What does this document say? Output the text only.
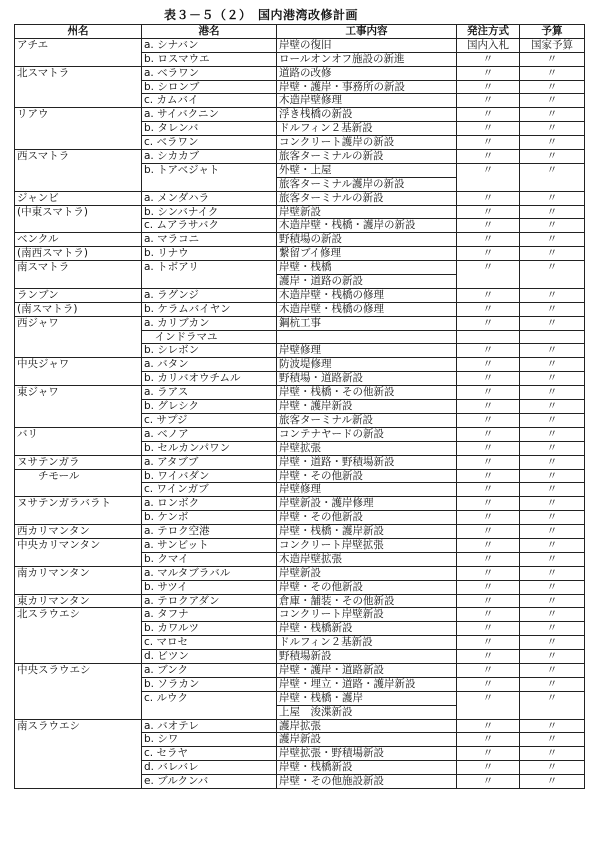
表３－５（２）　国内港湾改修計画
州名	港名	工事内容	発注方式	予算
アチエ	a. シナバン	岸壁の復旧	国内入札	国家予算
	b. ロスマウエ	ロールオンオフ施設の新進	〃	〃
北スマトラ	a. ベラワン	道路の改修	〃	〃
	b. シロンブ	岸壁・護岸・事務所の新設	〃	〃
	c. カムバイ	木造岸壁修理	〃	〃
リアウ	a. サイバクニン	浮き桟橋の新設	〃	〃
	b. タレンバ	ドルフィン２基新設	〃	〃
	c. ベラワン	コンクリート護岸の新設	〃	〃
西スマトラ	a. シカカブ	旅客ターミナルの新設	〃	〃
	b. トアベジャト	外壁・上屋	〃	〃
		旅客ターミナル護岸の新設		
ジャンビ	a. メンダハラ	旅客ターミナルの新設	〃	〃
(中東スマトラ)	b. シンバナイク	岸壁新設	〃	〃
	c. ムアラサバク	木造岸壁・桟橋・護岸の新設	〃	〃
ベンクル	a. マラコニ	野積場の新設	〃	〃
(南西スマトラ)	b. リナウ	繋留ブイ修理	〃	〃
南スマトラ	a. トボアリ	岸壁・桟橋	〃	〃
		護岸・道路の新設		
ランブン	a. ラグンジ	木造岸壁・桟橋の修理	〃	〃
(南スマトラ)	b. ケラムバイヤン	木造岸壁・桟橋の修理	〃	〃
西ジャワ	a. カリブカン	鋼杭工事	〃	〃
	　インドラマユ			
	b. シレボン	岸壁修理	〃	〃
中央ジャワ	a. バタン	防波堤修理	〃	〃
	b. カリバオウチムル	野積場・道路新設	〃	〃
東ジャワ	a. ラアス	岸壁・桟橋・その他新設	〃	〃
	b. グレシク	岸壁・護岸新設	〃	〃
	c. サプジ	旅客ターミナル新設	〃	〃
バリ	a. ベノア	コンテナヤードの新設	〃	〃
	b. セルカンパワン	岸壁拡張	〃	〃
ヌサテンガラ	a. アタブブ	岸壁・道路・野積場新設	〃	〃
　　チモール	b. ワイバダン	岸壁・その他新設	〃	〃
	c. ワインガブ	岸壁修理	〃	〃
ヌサテンガラバラト	a. ロンボク	岸壁新設・護岸修理	〃	〃
	b. ケンボ	岸壁・その他新設	〃	〃
西カリマンタン	a. テロク空港	岸壁・桟橋・護岸新設	〃	〃
中央カリマンタン	a. サンビット	コンクリート岸壁拡張	〃	〃
	b. クマイ	木造岸壁拡張	〃	〃
南カリマンタン	a. マルタブラバル	岸壁新設	〃	〃
	b. サツイ	岸壁・その他新設	〃	〃
東カリマンタン	a. テロクアダン	倉庫・舗装・その他新設	〃	〃
北スラウエシ	a. タフナ	コンクリート岸壁新設	〃	〃
	b. カワルツ	岸壁・桟橋新設	〃	〃
	c. マロセ	ドルフィン２基新設	〃	〃
	d. ビツン	野積場新設	〃	〃
中央スラウエシ	a. ブンク	岸壁・護岸・道路新設	〃	〃
	b. ソラカン	岸壁・埋立・道路・護岸新設	〃	〃
	c. ルウク	岸壁・桟橋・護岸	〃	〃
		上屋　浚渫新設		
南スラウエシ	a. バオテレ	護岸拡張	〃	〃
	b. シワ	護岸新設	〃	〃
	c. セラヤ	岸壁拡張・野積場新設	〃	〃
	d. バレバレ	岸壁・桟橋新設	〃	〃
	e. ブルクンバ	岸壁・その他施設新設	〃	〃
